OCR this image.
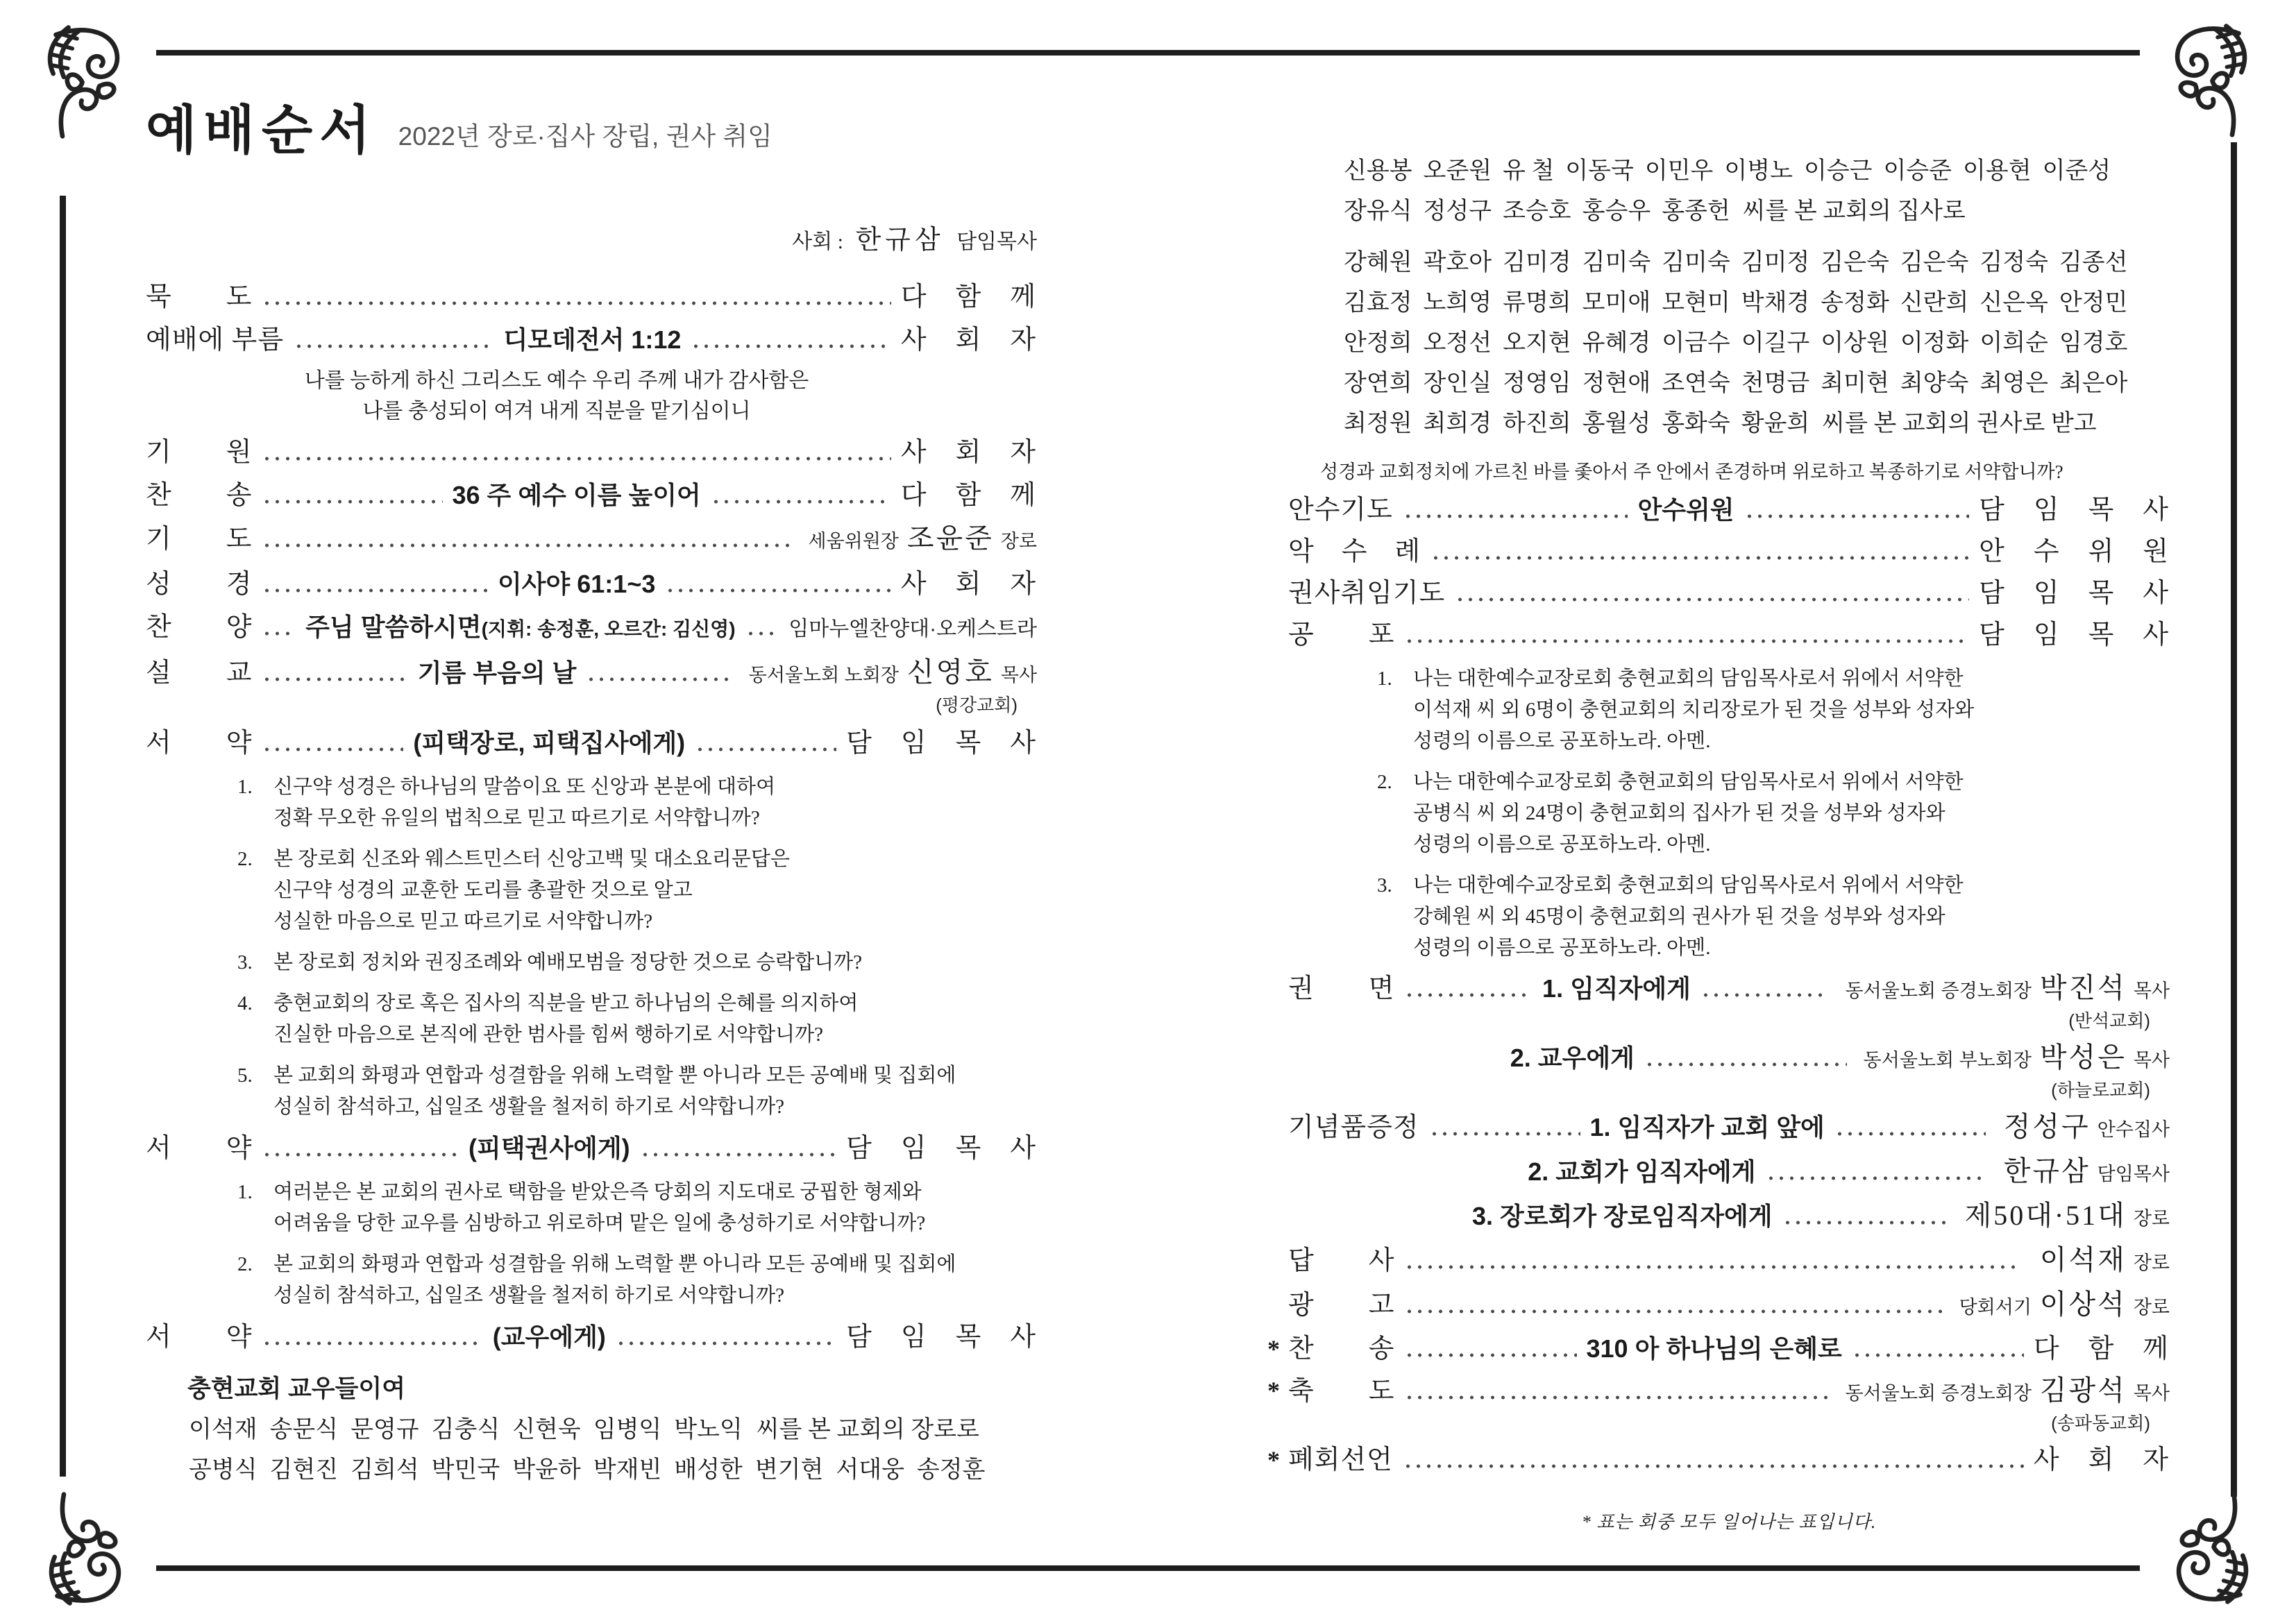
예배순서 2022년 장로·집사 장립, 권사 취임
사회 : 한규삼 담임목사
묵　　도	다　함　께
예배에 부름	디모데전서 1:12	사　회　자
나를 능하게 하신 그리스도 예수 우리 주께 내가 감사함은
나를 충성되이 여겨 내게 직분을 맡기심이니
기　　원	사　회　자
찬　　송	36 주 예수 이름 높이어	다　함　께
기　　도	세움위원장 조윤준 장로
성　　경	이사야 61:1~3	사　회　자
찬　　양 주님 말씀하시면(지휘: 송정훈, 오르간: 김신영)	임마누엘찬양대·오케스트라
설　　교	기름 부음의 날	동서울노회 노회장 신영호 목사
(평강교회)
서　　약	(피택장로, 피택집사에게)	담　임　목　사
1.	신구약 성경은 하나님의 말씀이요 또 신앙과 본분에 대하여
정확 무오한 유일의 법칙으로 믿고 따르기로 서약합니까?
2.	본 장로회 신조와 웨스트민스터 신앙고백 및 대소요리문답은
신구약 성경의 교훈한 도리를 총괄한 것으로 알고
성실한 마음으로 믿고 따르기로 서약합니까?
3.	본 장로회 정치와 권징조례와 예배모범을 정당한 것으로 승락합니까?
4.	충현교회의 장로 혹은 집사의 직분을 받고 하나님의 은혜를 의지하여
진실한 마음으로 본직에 관한 범사를 힘써 행하기로 서약합니까?
5.	본 교회의 화평과 연합과 성결함을 위해 노력할 뿐 아니라 모든 공예배 및 집회에
성실히 참석하고, 십일조 생활을 철저히 하기로 서약합니까?
서　　약	(피택권사에게)	담　임　목　사
1.	여러분은 본 교회의 권사로 택함을 받았은즉 당회의 지도대로 궁핍한 형제와
어려움을 당한 교우를 심방하고 위로하며 맡은 일에 충성하기로 서약합니까?
2.	본 교회의 화평과 연합과 성결함을 위해 노력할 뿐 아니라 모든 공예배 및 집회에
성실히 참석하고, 십일조 생활을 철저히 하기로 서약합니까?
서　　약	(교우에게)	담　임　목　사
충현교회 교우들이여
이석재 송문식 문영규 김충식 신현욱 임병익 박노익 씨를 본 교회의 장로로
공병식 김현진 김희석 박민국 박윤하 박재빈 배성한 변기현 서대웅 송정훈
신용봉 오준원 유 철 이동국 이민우 이병노 이승근 이승준 이용현 이준성
장유식 정성구 조승호 홍승우 홍종헌 씨를 본 교회의 집사로
강혜원 곽호아 김미경 김미숙 김미숙 김미정 김은숙 김은숙 김정숙 김종선
김효정 노희영 류명희 모미애 모현미 박채경 송정화 신란희 신은옥 안정민
안정희 오정선 오지현 유혜경 이금수 이길구 이상원 이정화 이희순 임경호
장연희 장인실 정영임 정현애 조연숙 천명금 최미현 최양숙 최영은 최은아
최정원 최희경 하진희 홍월성 홍화숙 황윤희 씨를 본 교회의 권사로 받고
성경과 교회정치에 가르친 바를 좇아서 주 안에서 존경하며 위로하고 복종하기로 서약합니까?
안수기도	안수위원	담　임　목　사
악　수　례	안　수　위　원
권사취임기도	담　임　목　사
공　　포	담　임　목　사
1.	나는 대한예수교장로회 충현교회의 담임목사로서 위에서 서약한
이석재 씨 외 6명이 충현교회의 치리장로가 된 것을 성부와 성자와
성령의 이름으로 공포하노라. 아멘.
2.	나는 대한예수교장로회 충현교회의 담임목사로서 위에서 서약한
공병식 씨 외 24명이 충현교회의 집사가 된 것을 성부와 성자와
성령의 이름으로 공포하노라. 아멘.
3.	나는 대한예수교장로회 충현교회의 담임목사로서 위에서 서약한
강혜원 씨 외 45명이 충현교회의 권사가 된 것을 성부와 성자와
성령의 이름으로 공포하노라. 아멘.
권　　면	1. 임직자에게	동서울노회 증경노회장 박진석 목사
(반석교회)
2. 교우에게	동서울노회 부노회장 박성은 목사
(하늘로교회)
기념품증정	1. 임직자가 교회 앞에	정성구 안수집사
2. 교회가 임직자에게	한규삼 담임목사
3. 장로회가 장로임직자에게	제50대·51대 장로
답　　사	이석재 장로
광　　고	당회서기 이상석 장로
* 찬　　송	310 아 하나님의 은혜로	다　함　께
* 축　　도	동서울노회 증경노회장 김광석 목사
(송파동교회)
* 폐회선언	사　회　자
* 표는 회중 모두 일어나는 표입니다.
